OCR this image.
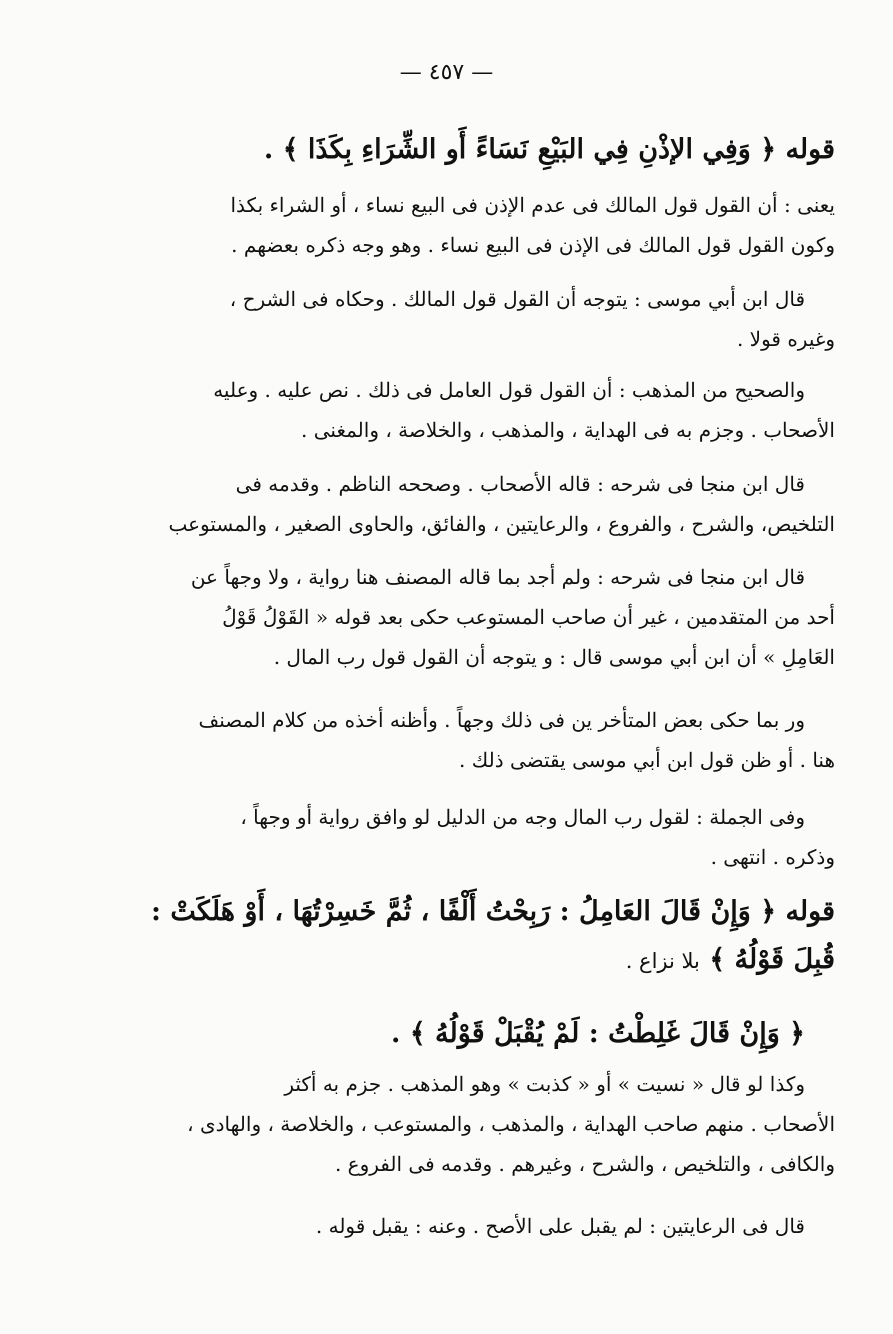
— ٤٥٧ —
قوله ﴿ وَفِي الإذْنِ فِي البَيْعِ نَسَاءً أَو الشِّرَاءِ بِكَذَا ﴾ .
يعنى : أن القول قول المالك فى عدم الإذن فى البيع نساء ، أو الشراء بكذا
وكون القول قول المالك فى الإذن فى البيع نساء . وهو وجه ذكره بعضهم .
قال ابن أبي موسى : يتوجه أن القول قول المالك . وحكاه فى الشرح ،
وغيره قولا .
والصحيح من المذهب : أن القول قول العامل فى ذلك . نص عليه . وعليه
الأصحاب . وجزم به فى الهداية ، والمذهب ، والخلاصة ، والمغنى .
قال ابن منجا فى شرحه : قاله الأصحاب . وصححه الناظم . وقدمه فى
التلخيص، والشرح ، والفروع ، والرعايتين ، والفائق، والحاوى الصغير ، والمستوعب
قال ابن منجا فى شرحه : ولم أجد بما قاله المصنف هنا رواية ، ولا وجهاً عن
أحد من المتقدمين ، غير أن صاحب المستوعب حكى بعد قوله « القَوْلُ قَوْلُ
العَامِلِ » أن ابن أبي موسى قال : و يتوجه أن القول قول رب المال .
ور بما حكى بعض المتأخر ين فى ذلك وجهاً . وأظنه أخذه من كلام المصنف
هنا . أو ظن قول ابن أبي موسى يقتضى ذلك .
وفى الجملة : لقول رب المال وجه من الدليل لو وافق رواية أو وجهاً ،
وذكره . انتهى .
قوله ﴿ وَإِنْ قَالَ العَامِلُ : رَبِحْتُ أَلْفًا ، ثُمَّ خَسِرْتُهَا ، أَوْ هَلَكَتْ :
قُبِلَ قَوْلُهُ ﴾ بلا نزاع .
﴿ وَإِنْ قَالَ غَلِطْتُ : لَمْ يُقْبَلْ قَوْلُهُ ﴾ .
وكذا لو قال « نسيت » أو « كذبت » وهو المذهب . جزم به أكثر
الأصحاب . منهم صاحب الهداية ، والمذهب ، والمستوعب ، والخلاصة ، والهادى ،
والكافى ، والتلخيص ، والشرح ، وغيرهم . وقدمه فى الفروع .
قال فى الرعايتين : لم يقبل على الأصح . وعنه : يقبل قوله .
